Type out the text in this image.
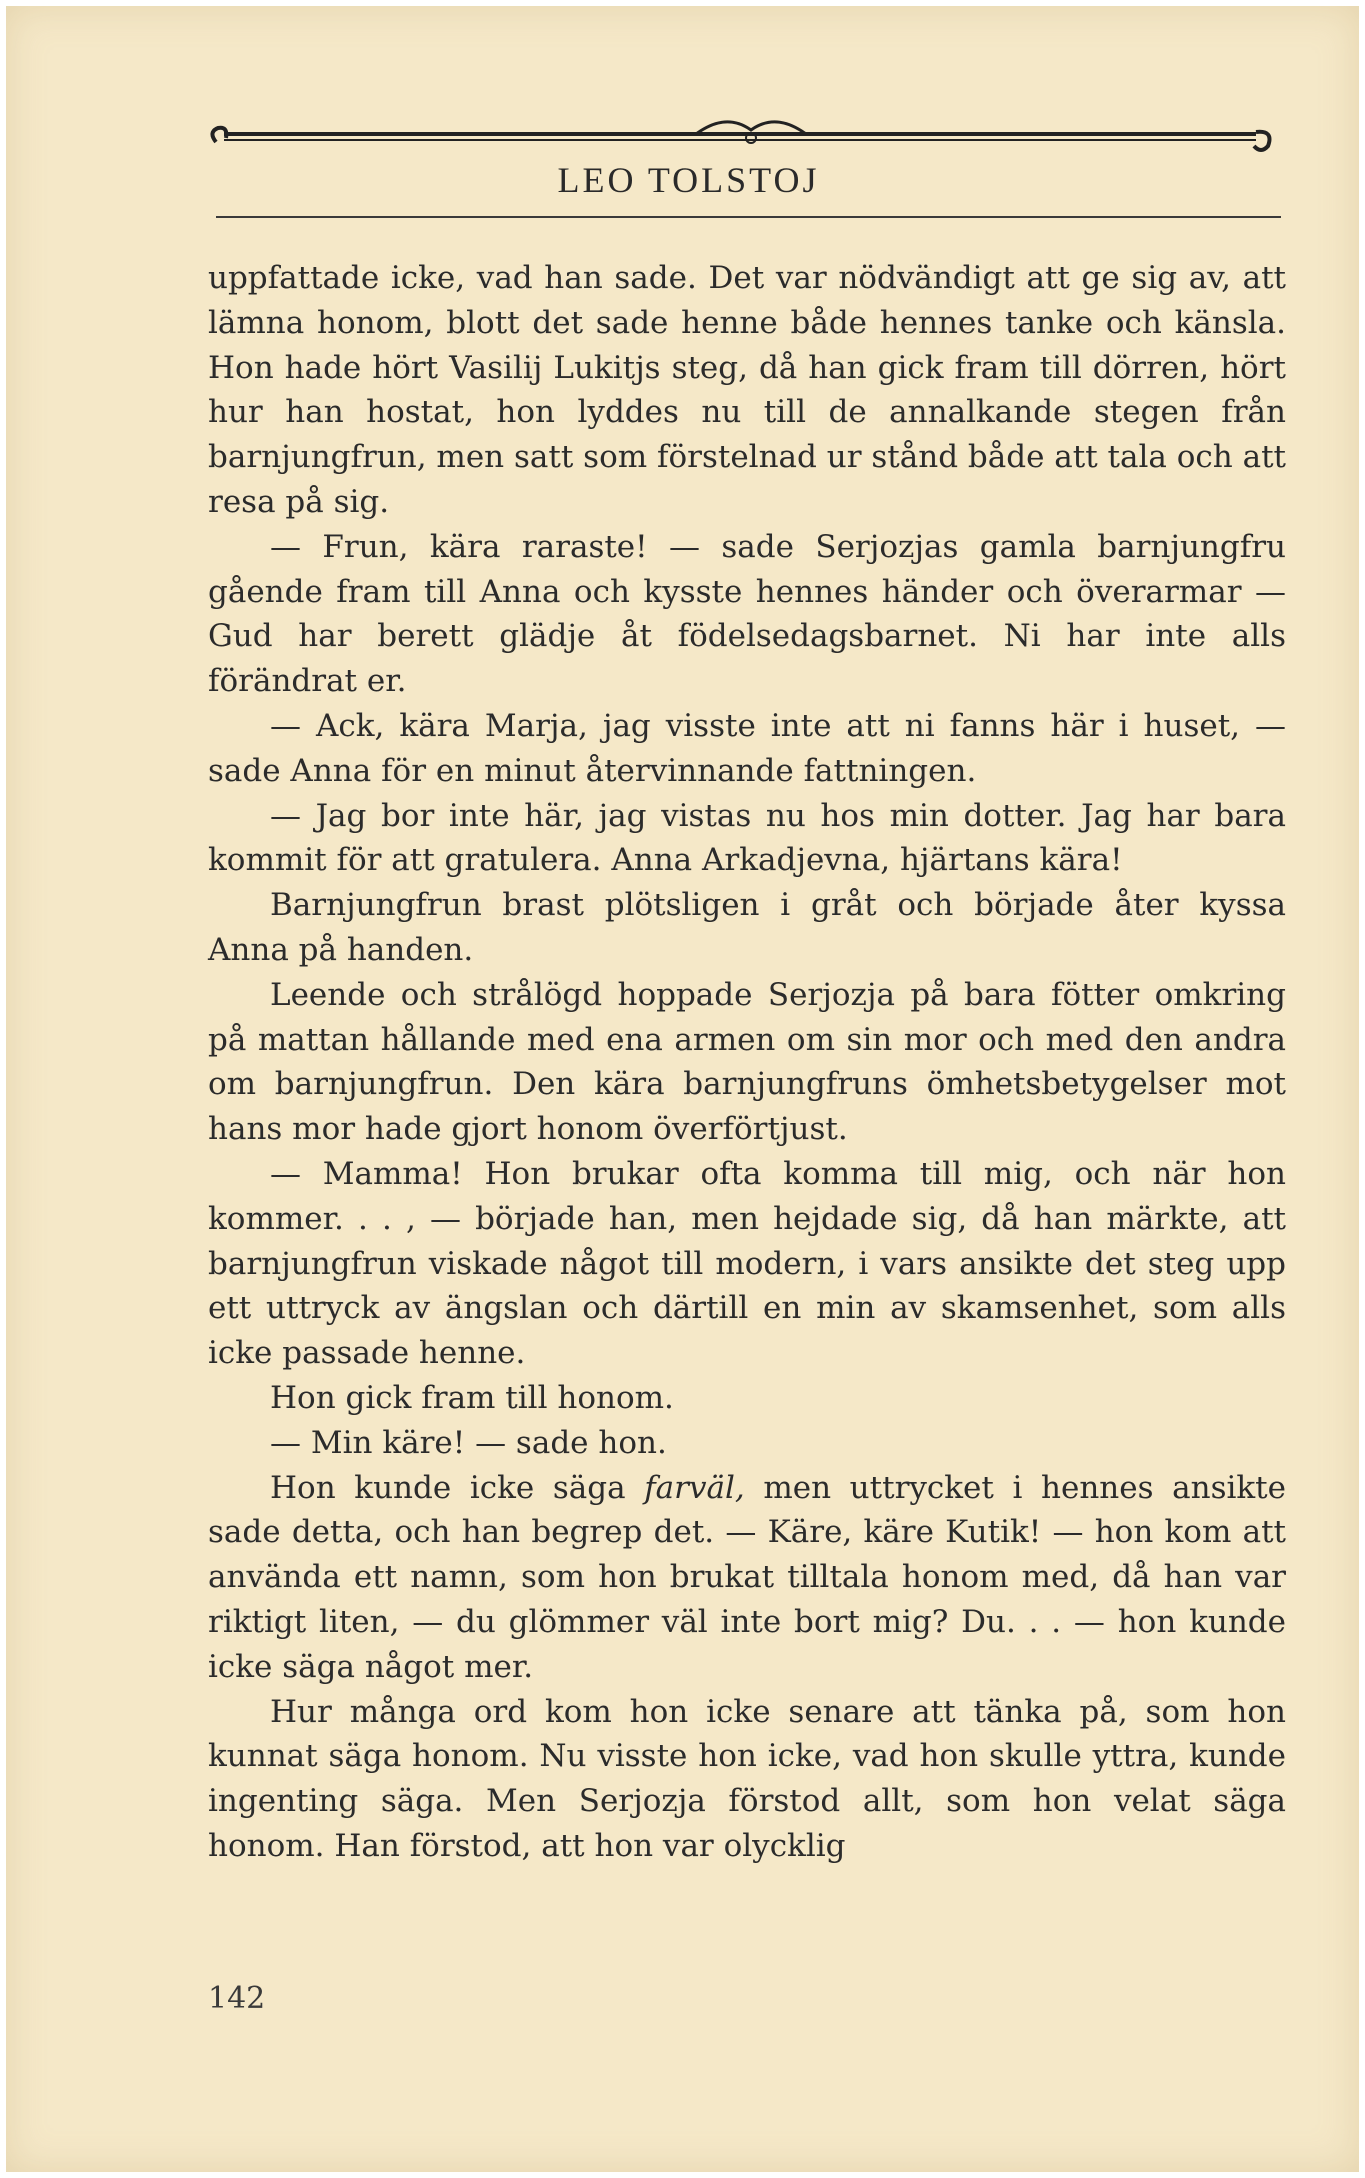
LEO TOLSTOJ

uppfattade icke, vad han sade. Det var nödvändigt att ge sig av, att lämna honom, blott det sade henne både hennes tanke och känsla. Hon hade hört Vasilij Lukitjs steg, då han gick fram till dörren, hört hur han hostat, hon lyddes nu till de annalkande stegen från barnjungfrun, men satt som förstelnad ur stånd både att tala och att resa på sig.

— Frun, kära raraste! — sade Serjozjas gamla barnjungfru gående fram till Anna och kysste hennes händer och överarmar — Gud har berett glädje åt födelsedagsbarnet. Ni har inte alls förändrat er.

— Ack, kära Marja, jag visste inte att ni fanns här i huset, — sade Anna för en minut återvinnande fattningen.

— Jag bor inte här, jag vistas nu hos min dotter. Jag har bara kommit för att gratulera. Anna Arkadjevna, hjärtans kära!

Barnjungfrun brast plötsligen i gråt och började åter kyssa Anna på handen.

Leende och strålögd hoppade Serjozja på bara fötter omkring på mattan hållande med ena armen om sin mor och med den andra om barnjungfrun. Den kära barnjungfruns ömhetsbetygelser mot hans mor hade gjort honom överförtjust.

— Mamma! Hon brukar ofta komma till mig, och när hon kommer. . . , — började han, men hejdade sig, då han märkte, att barnjungfrun viskade något till modern, i vars ansikte det steg upp ett uttryck av ängslan och därtill en min av skamsenhet, som alls icke passade henne.

Hon gick fram till honom.

— Min käre! — sade hon.

Hon kunde icke säga farväl, men uttrycket i hennes ansikte sade detta, och han begrep det. — Käre, käre Kutik! — hon kom att använda ett namn, som hon brukat tilltala honom med, då han var riktigt liten, — du glömmer väl inte bort mig? Du. . . — hon kunde icke säga något mer.

Hur många ord kom hon icke senare att tänka på, som hon kunnat säga honom. Nu visste hon icke, vad hon skulle yttra, kunde ingenting säga. Men Serjozja förstod allt, som hon velat säga honom. Han förstod, att hon var olycklig

142
